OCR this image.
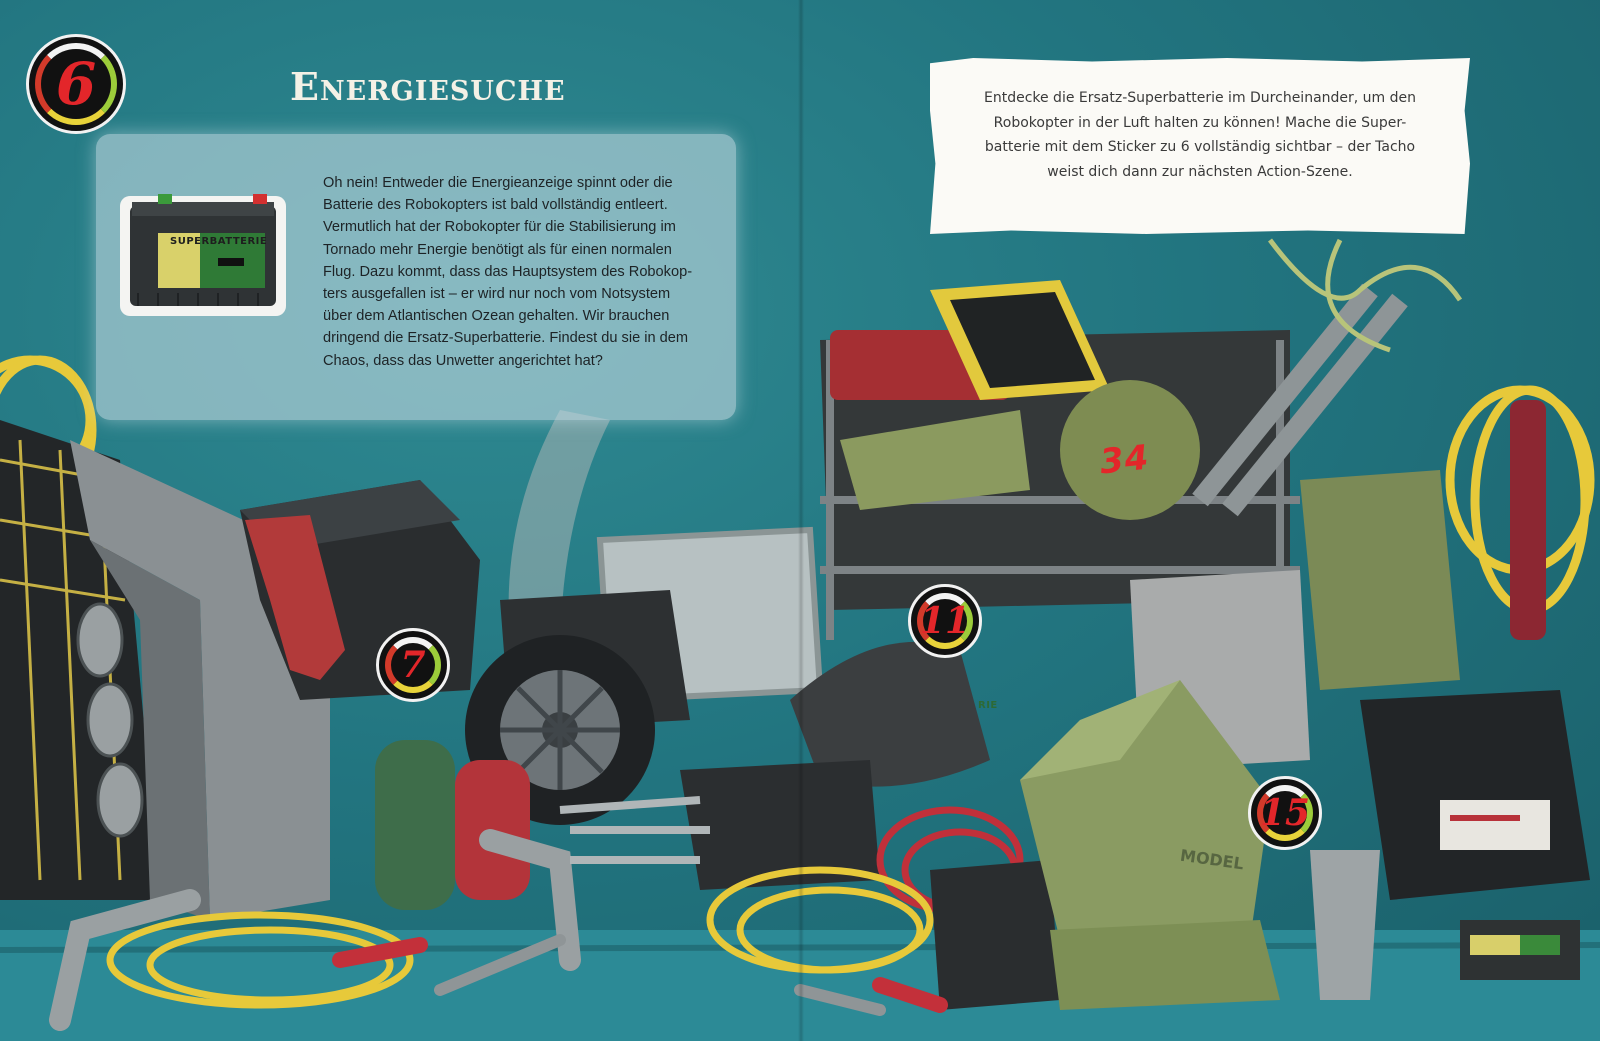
6	Energiesuche
SUPERBATTERIE
Oh nein! Entweder die Energieanzeige spinnt oder die
Batterie des Robokopters ist bald vollständig entleert.
Vermutlich hat der Robokopter für die Stabilisierung im
Tornado mehr Energie benötigt als für einen normalen
Flug. Dazu kommt, dass das Hauptsystem des Robokop-
ters ausgefallen ist – er wird nur noch vom Notsystem
über dem Atlantischen Ozean gehalten. Wir brauchen
dringend die Ersatz-Superbatterie. Findest du sie in dem
Chaos, dass das Unwetter angerichtet hat?
Entdecke die Ersatz-Superbatterie im Durcheinander, um den
Robokopter in der Luft halten zu können! Mache die Super-
batterie mit dem Sticker zu 6 vollständig sichtbar – der Tacho
weist dich dann zur nächsten Action-Szene.
34
MODEL
RIE
7
11
15
